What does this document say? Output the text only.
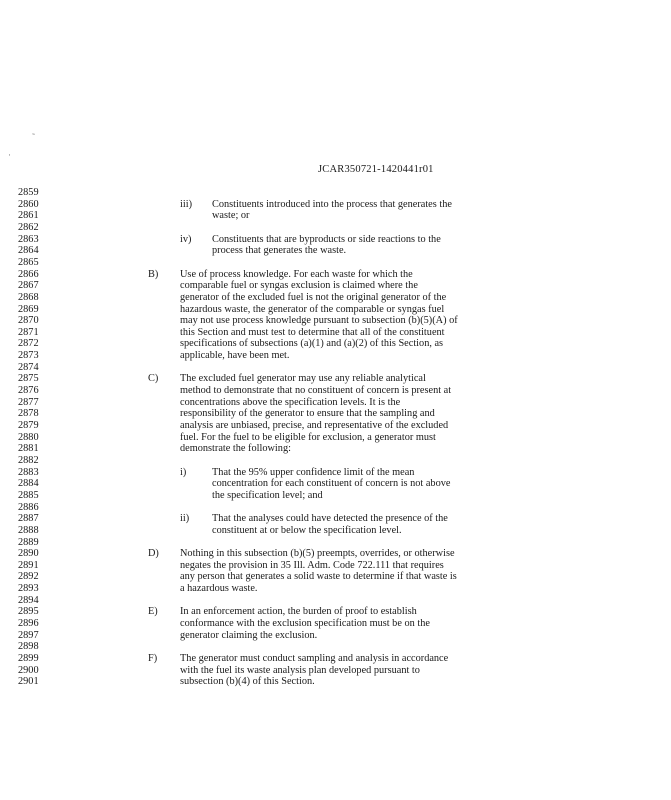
˜
·
JCAR350721-1420441r01
2859
2860	iii) Constituents introduced into the process that generates the
2861	waste; or
2862
2863	iv) Constituents that are byproducts or side reactions to the
2864	process that generates the waste.
2865
2866	B) Use of process knowledge. For each waste for which the
2867	comparable fuel or syngas exclusion is claimed where the
2868	generator of the excluded fuel is not the original generator of the
2869	hazardous waste, the generator of the comparable or syngas fuel
2870	may not use process knowledge pursuant to subsection (b)(5)(A) of
2871	this Section and must test to determine that all of the constituent
2872	specifications of subsections (a)(1) and (a)(2) of this Section, as
2873	applicable, have been met.
2874
2875	C) The excluded fuel generator may use any reliable analytical
2876	method to demonstrate that no constituent of concern is present at
2877	concentrations above the specification levels. It is the
2878	responsibility of the generator to ensure that the sampling and
2879	analysis are unbiased, precise, and representative of the excluded
2880	fuel. For the fuel to be eligible for exclusion, a generator must
2881	demonstrate the following:
2882
2883	i) That the 95% upper confidence limit of the mean
2884	concentration for each constituent of concern is not above
2885	the specification level; and
2886
2887	ii) That the analyses could have detected the presence of the
2888	constituent at or below the specification level.
2889
2890	D) Nothing in this subsection (b)(5) preempts, overrides, or otherwise
2891	negates the provision in 35 Ill. Adm. Code 722.111 that requires
2892	any person that generates a solid waste to determine if that waste is
2893	a hazardous waste.
2894
2895	E) In an enforcement action, the burden of proof to establish
2896	conformance with the exclusion specification must be on the
2897	generator claiming the exclusion.
2898
2899	F) The generator must conduct sampling and analysis in accordance
2900	with the fuel its waste analysis plan developed pursuant to
2901	subsection (b)(4) of this Section.
